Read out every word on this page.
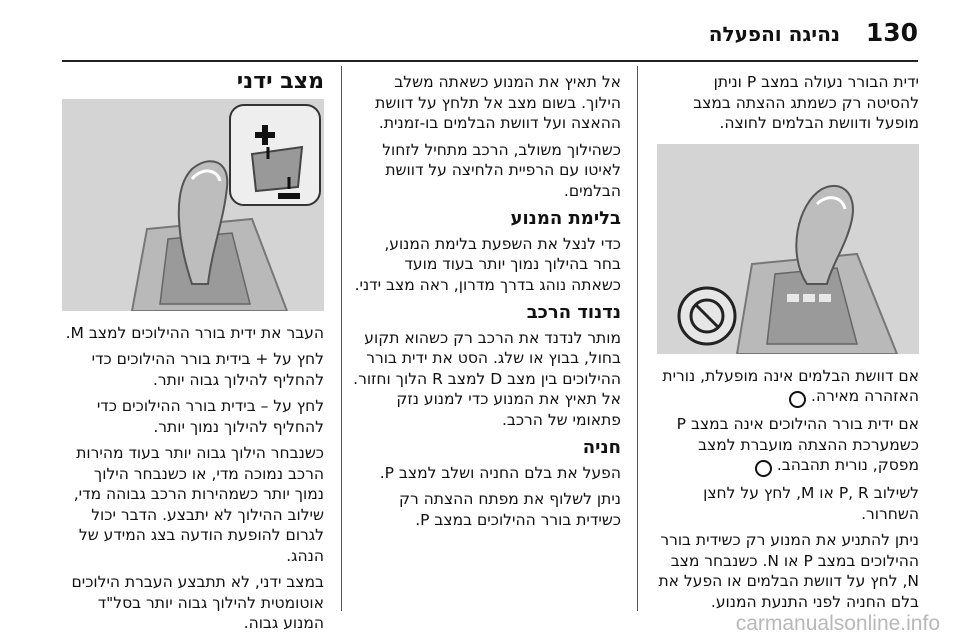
130
נהיגה והפעלה

ידית הבורר נעולה במצב P וניתן להסיטה רק כשמתג ההצתה במצב מופעל ודוושת הבלמים לחוצה.

אם דוושת הבלמים אינה מופעלת, נורית האזהרה מאירה.

אם ידית בורר ההילוכים אינה במצב P כשמערכת ההצתה מועברת למצב מפסק, נורית תהבהב.

לשילוב P, R או M, לחץ על לחצן השחרור.

ניתן להתניע את המנוע רק כשידית בורר ההילוכים במצב P או N. כשנבחר מצב N, לחץ על דוושת הבלמים או הפעל את בלם החניה לפני התנעת המנוע.

אל תאיץ את המנוע כשאתה משלב הילוך. בשום מצב אל תלחץ על דוושת ההאצה ועל דוושת הבלמים בו-זמנית.

כשהילוך משולב, הרכב מתחיל לזחול לאיטו עם הרפיית הלחיצה על דוושת הבלמים.

בלימת המנוע

כדי לנצל את השפעת בלימת המנוע, בחר בהילוך נמוך יותר בעוד מועד כשאתה נוהג בדרך מדרון, ראה מצב ידני.

נדנוד הרכב

מותר לנדנד את הרכב רק כשהוא תקוע בחול, בבוץ או שלג. הסט את ידית בורר ההילוכים בין מצב D למצב R הלוך וחזור. אל תאיץ את המנוע כדי למנוע נזק פתאומי של הרכב.

חניה

הפעל את בלם החניה ושלב למצב P.

ניתן לשלוף את מפתח ההצתה רק כשידית בורר ההילוכים במצב P.

מצב ידני

העבר את ידית בורר ההילוכים למצב M.

לחץ על + בידית בורר ההילוכים כדי להחליף להילוך גבוה יותר.

לחץ על – בידית בורר ההילוכים כדי להחליף להילוך נמוך יותר.

כשנבחר הילוך גבוה יותר בעוד מהירות הרכב נמוכה מדי, או כשנבחר הילוך נמוך יותר כשמהירות הרכב גבוהה מדי, שילוב ההילוך לא יתבצע. הדבר יכול לגרום להופעת הודעה בצג המידע של הנהג.

במצב ידני, לא תתבצע העברת הילוכים אוטומטית להילוך גבוה יותר בסל"ד המנוע גבוה.	carmanualsonline.info
